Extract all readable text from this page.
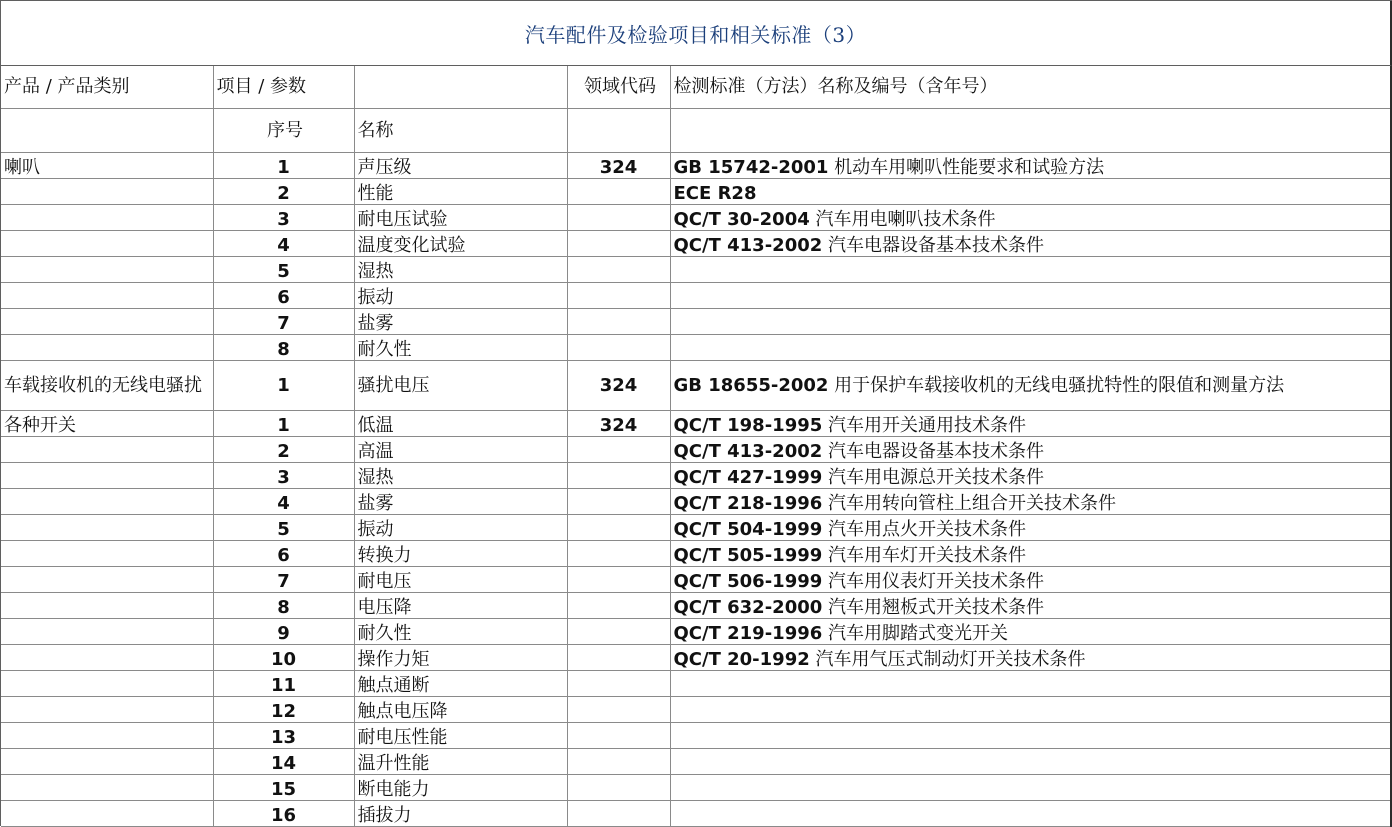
汽车配件及检验项目和相关标准（3）
产品 / 产品类别	项目 / 参数		领域代码	检测标准（方法）名称及编号（含年号）
	序号	名称		
喇叭	1	声压级	324	GB 15742-2001 机动车用喇叭性能要求和试验方法
	2	性能		ECE R28
	3	耐电压试验		QC/T 30-2004 汽车用电喇叭技术条件
	4	温度变化试验		QC/T 413-2002 汽车电器设备基本技术条件
	5	湿热		
	6	振动		
	7	盐雾		
	8	耐久性		
车载接收机的无线电骚扰	1	骚扰电压	324	GB 18655-2002 用于保护车载接收机的无线电骚扰特性的限值和测量方法
各种开关	1	低温	324	QC/T 198-1995 汽车用开关通用技术条件
	2	高温		QC/T 413-2002 汽车电器设备基本技术条件
	3	湿热		QC/T 427-1999 汽车用电源总开关技术条件
	4	盐雾		QC/T 218-1996 汽车用转向管柱上组合开关技术条件
	5	振动		QC/T 504-1999 汽车用点火开关技术条件
	6	转换力		QC/T 505-1999 汽车用车灯开关技术条件
	7	耐电压		QC/T 506-1999 汽车用仪表灯开关技术条件
	8	电压降		QC/T 632-2000 汽车用翘板式开关技术条件
	9	耐久性		QC/T 219-1996 汽车用脚踏式变光开关
	10	操作力矩		QC/T 20-1992 汽车用气压式制动灯开关技术条件
	11	触点通断		
	12	触点电压降		
	13	耐电压性能		
	14	温升性能		
	15	断电能力		
	16	插拔力		
